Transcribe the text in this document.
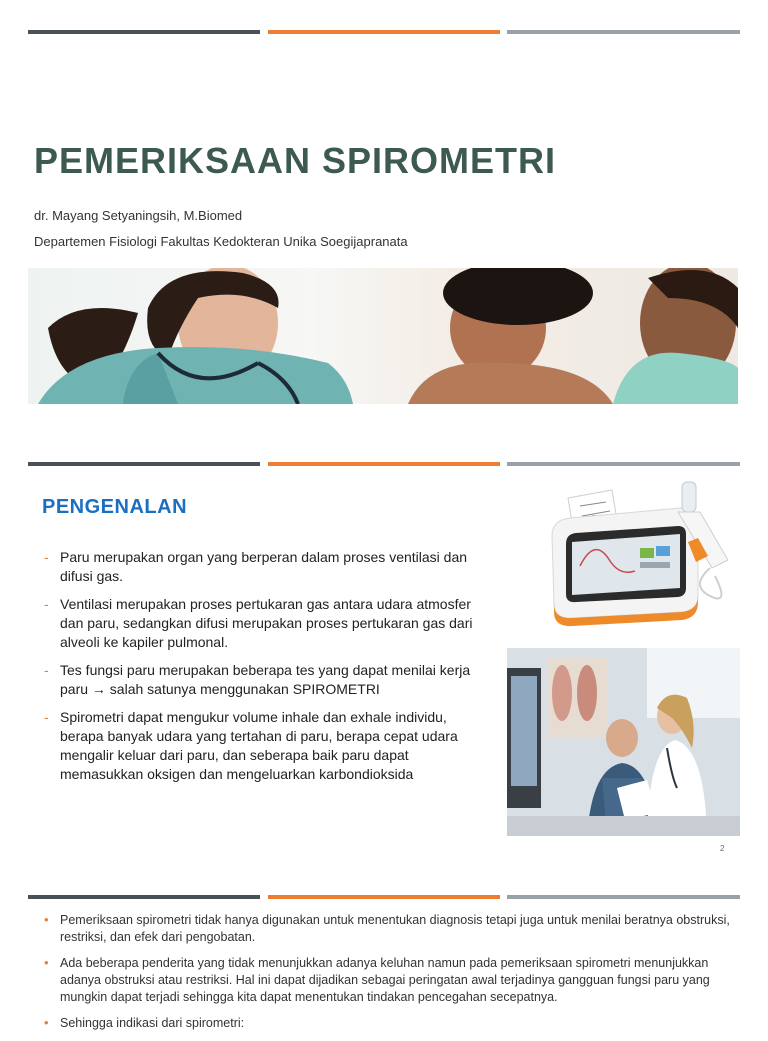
PEMERIKSAAN SPIROMETRI
dr. Mayang Setyaningsih, M.Biomed
Departemen Fisiologi Fakultas Kedokteran Unika Soegijapranata
PENGENALAN
- Paru merupakan organ yang berperan dalam proses ventilasi dan difusi gas.
- Ventilasi merupakan proses pertukaran gas antara udara atmosfer dan paru, sedangkan difusi merupakan proses pertukaran gas dari alveoli ke kapiler pulmonal.
- Tes fungsi paru merupakan beberapa tes yang dapat menilai kerja paru → salah satunya menggunakan SPIROMETRI
- Spirometri dapat mengukur volume inhale dan exhale individu, berapa banyak udara yang tertahan di paru, berapa cepat udara mengalir keluar dari paru, dan seberapa baik paru dapat memasukkan oksigen dan mengeluarkan karbondioksida
2
• Pemeriksaan spirometri tidak hanya digunakan untuk menentukan diagnosis tetapi juga untuk menilai beratnya obstruksi, restriksi, dan efek dari pengobatan.
• Ada beberapa penderita yang tidak menunjukkan adanya keluhan namun pada pemeriksaan spirometri menunjukkan adanya obstruksi atau restriksi. Hal ini dapat dijadikan sebagai peringatan awal terjadinya gangguan fungsi paru yang mungkin dapat terjadi sehingga kita dapat menentukan tindakan pencegahan secepatnya.
• Sehingga indikasi dari spirometri:
